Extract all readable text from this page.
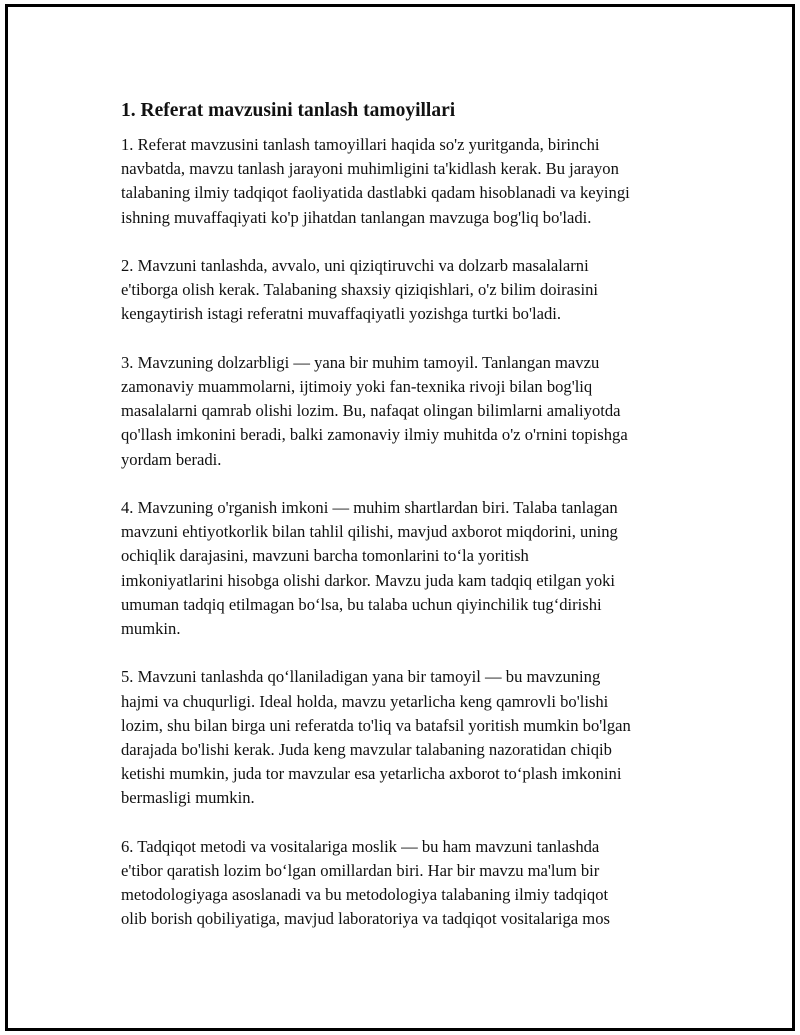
1. Referat mavzusini tanlash tamoyillari

1. Referat mavzusini tanlash tamoyillari haqida so'z yuritganda, birinchi
navbatda, mavzu tanlash jarayoni muhimligini ta'kidlash kerak. Bu jarayon
talabaning ilmiy tadqiqot faoliyatida dastlabki qadam hisoblanadi va keyingi
ishning muvaffaqiyati ko'p jihatdan tanlangan mavzuga bog'liq bo'ladi.

2. Mavzuni tanlashda, avvalo, uni qiziqtiruvchi va dolzarb masalalarni
e'tiborga olish kerak. Talabaning shaxsiy qiziqishlari, o'z bilim doirasini
kengaytirish istagi referatni muvaffaqiyatli yozishga turtki bo'ladi.

3. Mavzuning dolzarbligi — yana bir muhim tamoyil. Tanlangan mavzu
zamonaviy muammolarni, ijtimoiy yoki fan-texnika rivoji bilan bog'liq
masalalarni qamrab olishi lozim. Bu, nafaqat olingan bilimlarni amaliyotda
qo'llash imkonini beradi, balki zamonaviy ilmiy muhitda o'z o'rnini topishga
yordam beradi.

4. Mavzuning o'rganish imkoni — muhim shartlardan biri. Talaba tanlagan
mavzuni ehtiyotkorlik bilan tahlil qilishi, mavjud axborot miqdorini, uning
ochiqlik darajasini, mavzuni barcha tomonlarini to‘la yoritish
imkoniyatlarini hisobga olishi darkor. Mavzu juda kam tadqiq etilgan yoki
umuman tadqiq etilmagan bo‘lsa, bu talaba uchun qiyinchilik tug‘dirishi
mumkin.

5. Mavzuni tanlashda qo‘llaniladigan yana bir tamoyil — bu mavzuning
hajmi va chuqurligi. Ideal holda, mavzu yetarlicha keng qamrovli bo'lishi
lozim, shu bilan birga uni referatda to'liq va batafsil yoritish mumkin bo'lgan
darajada bo'lishi kerak. Juda keng mavzular talabaning nazoratidan chiqib
ketishi mumkin, juda tor mavzular esa yetarlicha axborot to‘plash imkonini
bermasligi mumkin.

6. Tadqiqot metodi va vositalariga moslik — bu ham mavzuni tanlashda
e'tibor qaratish lozim bo‘lgan omillardan biri. Har bir mavzu ma'lum bir
metodologiyaga asoslanadi va bu metodologiya talabaning ilmiy tadqiqot
olib borish qobiliyatiga, mavjud laboratoriya va tadqiqot vositalariga mos
